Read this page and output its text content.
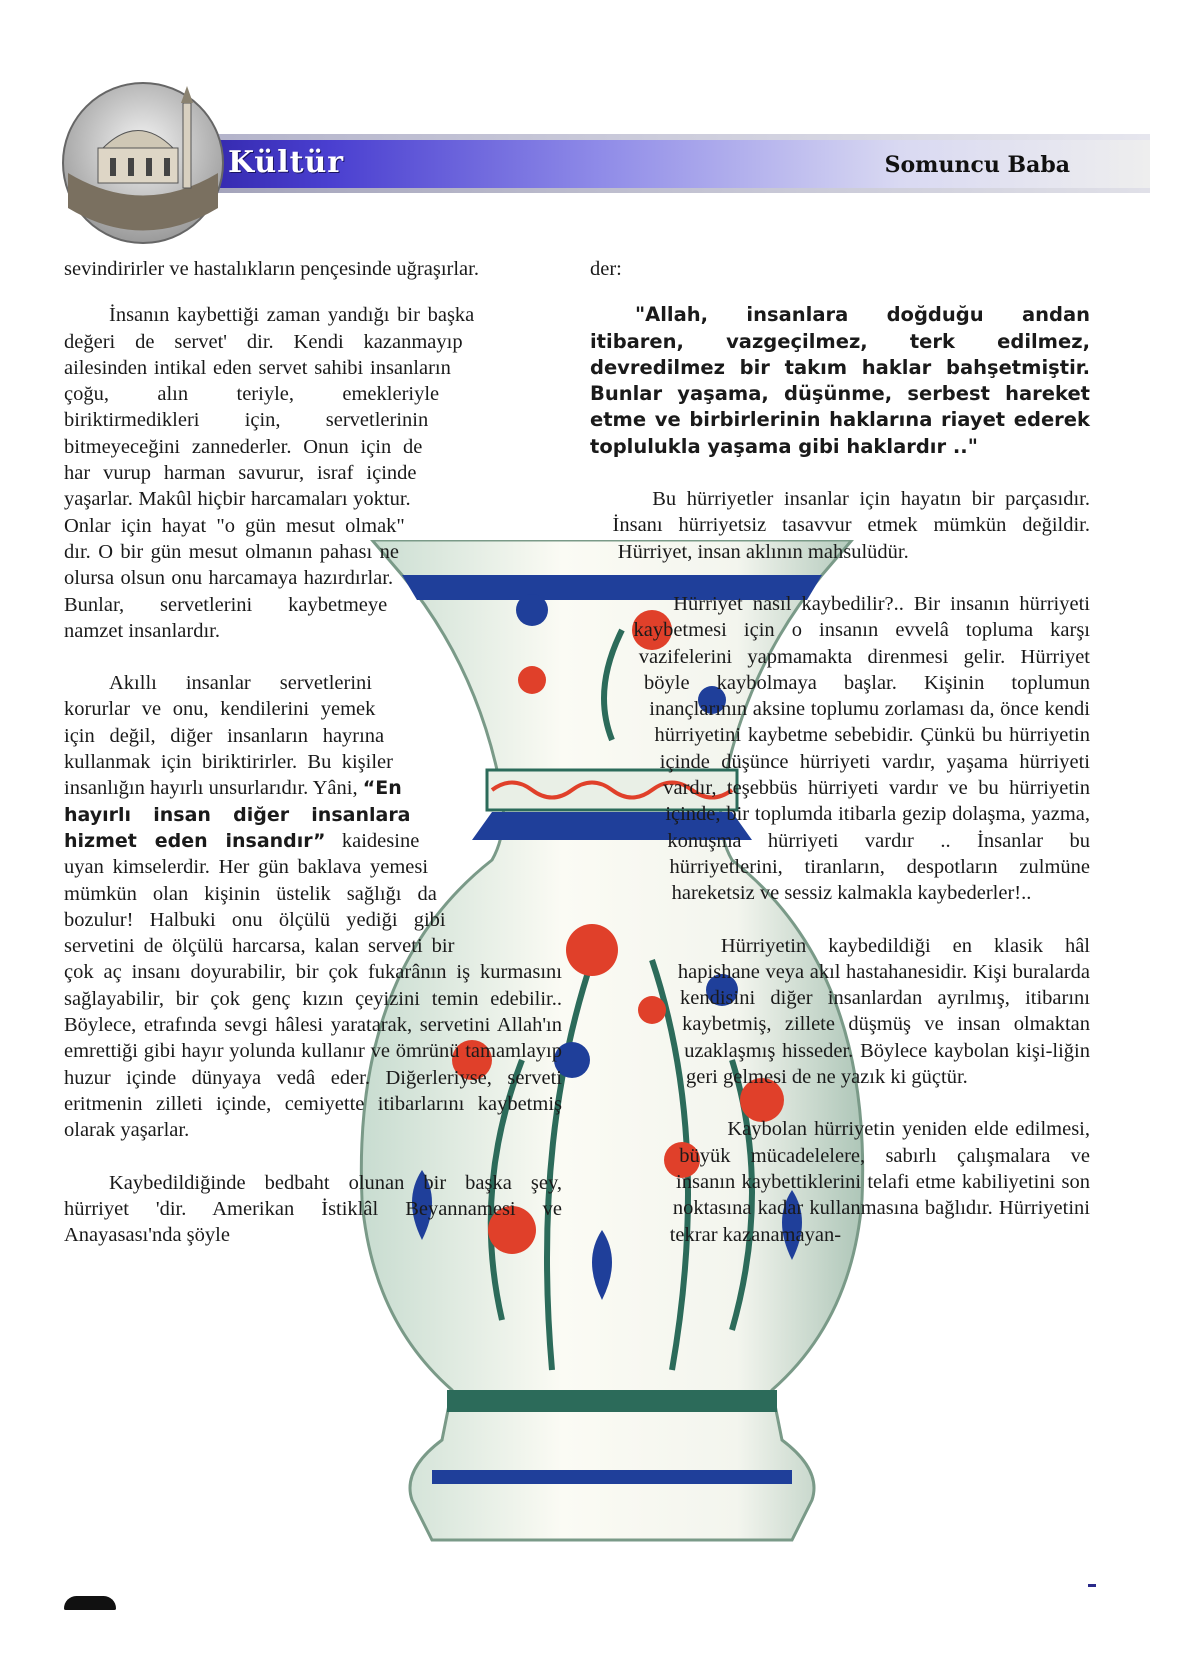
Kültür	Somuncu Baba

sevindirirler ve hastalıkların pençesinde uğraşırlar.

İnsanın kaybettiği zaman yandığı bir başka değeri de servet' dir. Kendi kazanmayıp ailesinden intikal eden servet sahibi insanların çoğu, alın teriyle, emekleriyle biriktirmedikleri için, servetlerinin bitmeyeceğini zannederler. Onun için de har vurup harman savurur, israf içinde yaşarlar. Makûl hiçbir harcamaları yoktur. Onlar için hayat "o gün mesut olmak" dır. O bir gün mesut olmanın pahası ne olursa olsun onu harcamaya hazırdırlar. Bunlar, servetlerini kaybetmeye namzet insanlardır.

Akıllı insanlar servetlerini korurlar ve onu, kendilerini yemek için değil, diğer insanların hayrına kullanmak için biriktirirler. Bu kişiler insanlığın hayırlı unsurlarıdır. Yâni, “En hayırlı insan diğer insanlara hizmet eden insandır” kaidesine uyan kimselerdir. Her gün baklava yemesi mümkün olan kişinin üstelik sağlığı da bozulur! Halbuki onu ölçülü yediği gibi servetini de ölçülü harcarsa, kalan serveti bir çok aç insanı doyurabilir, bir çok fukarânın iş kurmasını sağlayabilir, bir çok genç kızın çeyizini temin edebilir.. Böylece, etrafında sevgi hâlesi yaratarak, servetini Allah'ın emrettiği gibi hayır yolunda kullanır ve ömrünü tamamlayıp huzur içinde dünyaya vedâ eder. Diğerleriyse, serveti eritmenin zilleti içinde, cemiyette itibarlarını kaybetmiş olarak yaşarlar.

Kaybedildiğinde bedbaht olunan bir başka şey, hürriyet 'dir. Amerikan İstiklâl Beyannamesi ve Anayasası'nda şöyle

der:

"Allah, insanlara doğduğu andan itibaren, vazgeçilmez, terk edilmez, devredilmez bir takım haklar bahşetmiştir. Bunlar yaşama, düşünme, serbest hareket etme ve birbirlerinin haklarına riayet ederek toplulukla yaşama gibi haklardır .."

Bu hürriyetler insanlar için hayatın bir parçasıdır. İnsanı hürriyetsiz tasavvur etmek mümkün değildir. Hürriyet, insan aklının mahsulüdür.

Hürriyet nasıl kaybedilir?.. Bir insanın hürriyeti kaybetmesi için o insanın evvelâ topluma karşı vazifelerini yapmamakta direnmesi gelir. Hürriyet böyle kaybolmaya başlar. Kişinin toplumun inançlarının aksine toplumu zorlaması da, önce kendi hürriyetini kaybetme sebebidir. Çünkü bu hürriyetin içinde düşünce hürriyeti vardır, yaşama hürriyeti vardır, teşebbüs hürriyeti vardır ve bu hürriyetin içinde, bir toplumda itibarla gezip dolaşma, yazma, konuşma hürriyeti vardır .. İnsanlar bu hürriyetlerini, tiranların, despotların zulmüne hareketsiz ve sessiz kalmakla kaybederler!..

Hürriyetin kaybedildiği en klasik hâl hapishane veya akıl hastahanesidir. Kişi buralarda kendisini diğer insanlardan ayrılmış, itibarını kaybetmiş, zillete düşmüş ve insan olmaktan uzaklaşmış hisseder. Böylece kaybolan kişi-liğin geri gelmesi de ne yazık ki güçtür.

Kaybolan hürriyetin yeniden elde edilmesi, büyük mücadelelere, sabırlı çalışmalara ve insanın kaybettiklerini telafi etme kabiliyetini son noktasına kadar kullanmasına bağlıdır. Hürriyetini tekrar kazanamayan-
